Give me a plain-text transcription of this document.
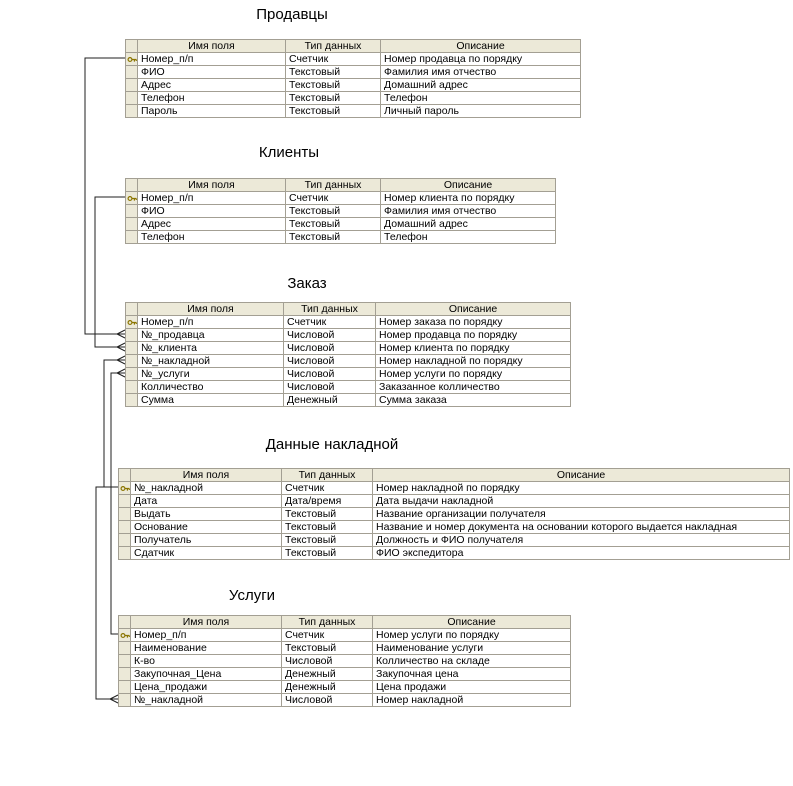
Продавцы
	Имя поля	Тип данных	Описание
	Номер_п/п	Счетчик	Номер продавца по порядку
	ФИО	Текстовый	Фамилия имя отчество
	Адрес	Текстовый	Домашний адрес
	Телефон	Текстовый	Телефон
	Пароль	Текстовый	Личный пароль
Клиенты
	Имя поля	Тип данных	Описание
	Номер_п/п	Счетчик	Номер клиента по порядку
	ФИО	Текстовый	Фамилия имя отчество
	Адрес	Текстовый	Домашний адрес
	Телефон	Текстовый	Телефон
Заказ
	Имя поля	Тип данных	Описание
	Номер_п/п	Счетчик	Номер заказа по порядку
	№_продавца	Числовой	Номер продавца по порядку
	№_клиента	Числовой	Номер клиента по порядку
	№_накладной	Числовой	Номер накладной по порядку
	№_услуги	Числовой	Номер услуги по порядку
	Колличество	Числовой	Заказанное колличество
	Сумма	Денежный	Сумма заказа
Данные накладной
	Имя поля	Тип данных	Описание
	№_накладной	Счетчик	Номер накладной по порядку
	Дата	Дата/время	Дата выдачи накладной
	Выдать	Текстовый	Название организации получателя
	Основание	Текстовый	Название и номер документа на основании которого выдается накладная
	Получатель	Текстовый	Должность и ФИО получателя
	Сдатчик	Текстовый	ФИО экспедитора
Услуги
	Имя поля	Тип данных	Описание
	Номер_п/п	Счетчик	Номер услуги по порядку
	Наименование	Текстовый	Наименование услуги
	К-во	Числовой	Колличество на складе
	Закупочная_Цена	Денежный	Закупочная цена
	Цена_продажи	Денежный	Цена продажи
	№_накладной	Числовой	Номер накладной
